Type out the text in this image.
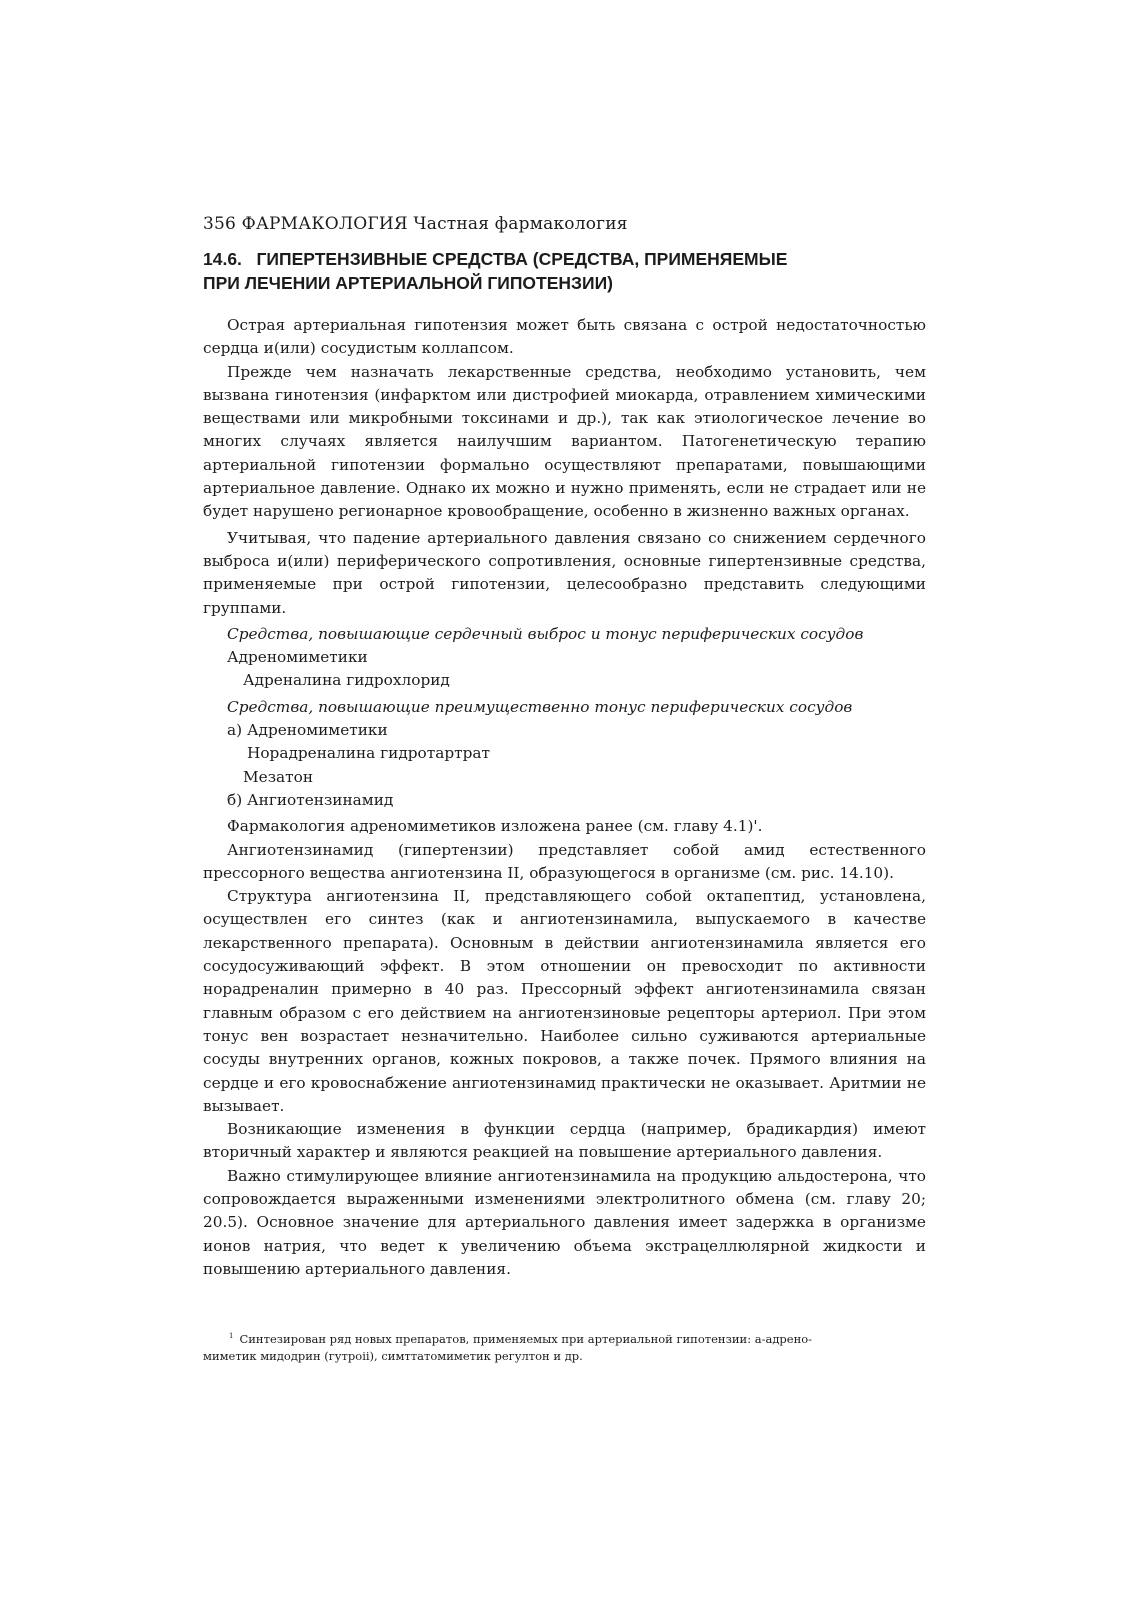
356 ФАРМАКОЛОГИЯ Частная фармакология
14.6.   ГИПЕРТЕНЗИВНЫЕ СРЕДСТВА (СРЕДСТВА, ПРИМЕНЯЕМЫЕ
ПРИ ЛЕЧЕНИИ АРТЕРИАЛЬНОЙ ГИПОТЕНЗИИ)

Острая артериальная гипотензия может быть связана с острой недостаточностью сердца и(или) сосудистым коллапсом.

Прежде чем назначать лекарственные средства, необходимо установить, чем вызвана гинотензия (инфарктом или дистрофией миокарда, отравлением химическими веществами или микробными токсинами и др.), так как этиологическое лечение во многих случаях является наилучшим вариантом. Патогенетическую терапию артериальной гипотензии формально осуществляют препаратами, повышающими артериальное давление. Однако их можно и нужно применять, если не страдает или не будет нарушено регионарное кровообращение, особенно в жизненно важных органах.

Учитывая, что падение артериального давления связано со снижением сердечного выброса и(или) периферического сопротивления, основные гипертензивные средства, применяемые при острой гипотензии, целесообразно представить следующими группами.

Средства, повышающие сердечный выброс и тонус периферических сосудов
Адреномиметики
Адреналина гидрохлорид
Средства, повышающие преимущественно тонус периферических сосудов
а) Адреномиметики
Норадреналина гидротартрат
Мезатон
б) Ангиотензинамид

Фармакология адреномиметиков изложена ранее (см. главу 4.1)'.

Ангиотензинамид (гипертензии) представляет собой амид естественного прессорного вещества ангиотензина II, образующегося в организме (см. рис. 14.10).

Структура ангиотензина II, представляющего собой октапептид, установлена, осуществлен его синтез (как и ангиотензинамила, выпускаемого в качестве лекарственного препарата). Основным в действии ангиотензинамила является его сосудосуживающий эффект. В этом отношении он превосходит по активности норадреналин примерно в 40 раз. Прессорный эффект ангиотензинамила связан главным образом с его действием на ангиотензиновые рецепторы артериол. При этом тонус вен возрастает незначительно. Наиболее сильно суживаются артериальные сосуды внутренних органов, кожных покровов, а также почек. Прямого влияния на сердце и его кровоснабжение ангиотензинамид практически не оказывает. Аритмии не вызывает.

Возникающие изменения в функции сердца (например, брадикардия) имеют вторичный характер и являются реакцией на повышение артериального давления.

Важно стимулирующее влияние ангиотензинамила на продукцию альдостерона, что сопровождается выраженными изменениями электролитного обмена (см. главу 20; 20.5). Основное значение для артериального давления имеет задержка в организме ионов натрия, что ведет к увеличению объема экстрацеллюлярной жидкости и повышению артериального давления.

$^1$ Синтезирован ряд новых препаратов, применяемых при артериальной гипотензии: а-адрено-

миметик мидодрин (гутроіі), симттатомиметик регултон и др.
